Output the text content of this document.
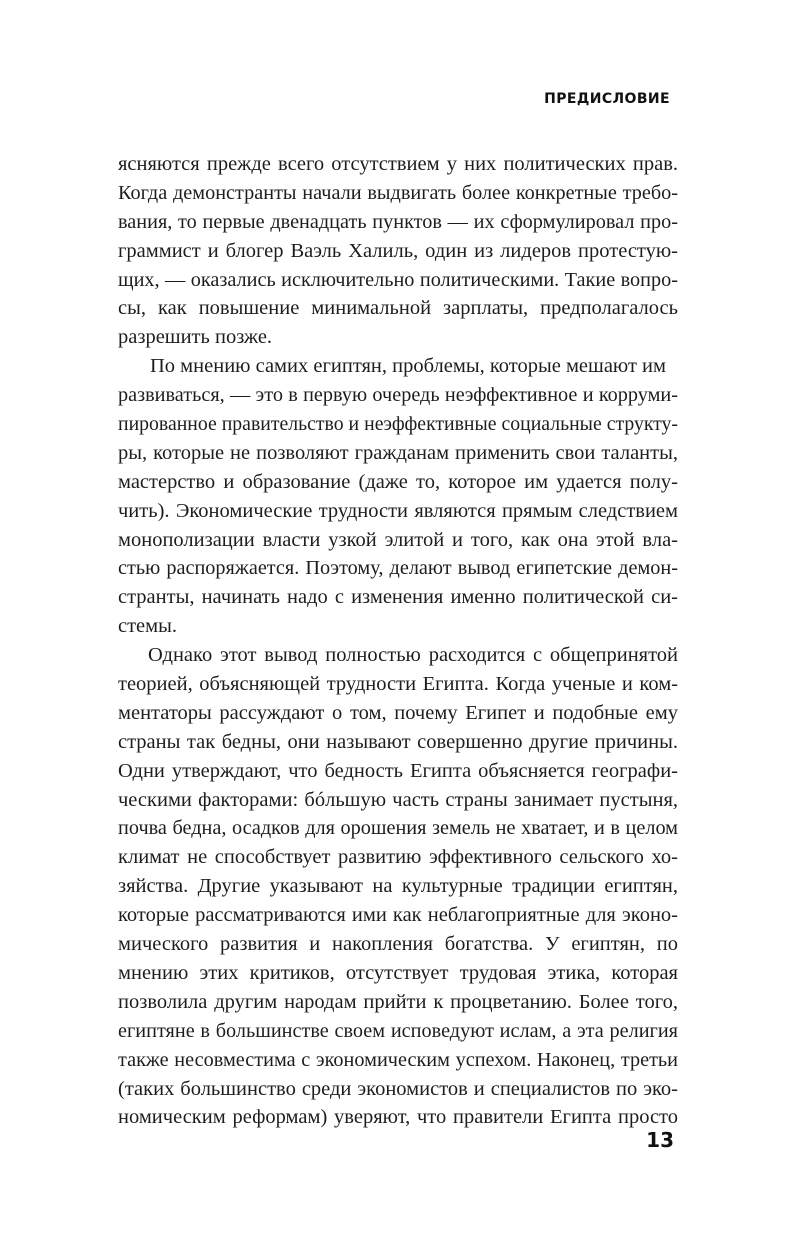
ПРЕДИСЛОВИЕ
ясняются прежде всего отсутствием у них политических прав.
Когда демонстранты начали выдвигать более конкретные требо-
вания, то первые двенадцать пунктов — их сформулировал про-
граммист и блогер Ваэль Халиль, один из лидеров протестую-
щих, — оказались исключительно политическими. Такие вопро-
сы, как повышение минимальной зарплаты, предполагалось
разрешить позже.
По мнению самих египтян, проблемы, которые мешают им
развиваться, — это в первую очередь неэффективное и корруми-
пированное правительство и неэффективные социальные структу-
ры, которые не позволяют гражданам применить свои таланты,
мастерство и образование (даже то, которое им удается полу-
чить). Экономические трудности являются прямым следствием
монополизации власти узкой элитой и того, как она этой вла-
стью распоряжается. Поэтому, делают вывод египетские демон-
странты, начинать надо с изменения именно политической си-
стемы.
Однако этот вывод полностью расходится с общепринятой
теорией, объясняющей трудности Египта. Когда ученые и ком-
ментаторы рассуждают о том, почему Египет и подобные ему
страны так бедны, они называют совершенно другие причины.
Одни утверждают, что бедность Египта объясняется географи-
ческими факторами: бóльшую часть страны занимает пустыня,
почва бедна, осадков для орошения земель не хватает, и в целом
климат не способствует развитию эффективного сельского хо-
зяйства. Другие указывают на культурные традиции египтян,
которые рассматриваются ими как неблагоприятные для эконо-
мического развития и накопления богатства. У египтян, по
мнению этих критиков, отсутствует трудовая этика, которая
позволила другим народам прийти к процветанию. Более того,
египтяне в большинстве своем исповедуют ислам, а эта религия
также несовместима с экономическим успехом. Наконец, третьи
(таких большинство среди экономистов и специалистов по эко-
номическим реформам) уверяют, что правители Египта просто
13
